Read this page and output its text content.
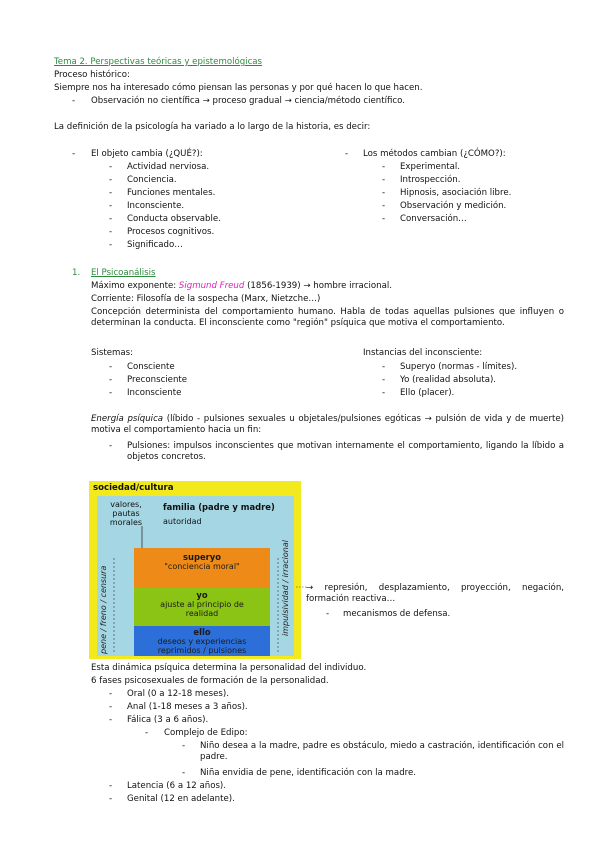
Tema 2. Perspectivas teóricas y epistemológicas
Proceso histórico:
Siempre nos ha interesado cómo piensan las personas y por qué hacen lo que hacen.
- Observación no científica → proceso gradual → ciencia/método científico.
La definición de la psicología ha variado a lo largo de la historia, es decir:
- El objeto cambia (¿QUÉ?):
- Actividad nerviosa.
- Conciencia.
- Funciones mentales.
- Inconsciente.
- Conducta observable.
- Procesos cognitivos.
- Significado…
- Los métodos cambian (¿CÓMO?):
- Experimental.
- Introspección.
- Hipnosis, asociación libre.
- Observación y medición.
- Conversación…
1. El Psicoanálisis
Máximo exponente: Sigmund Freud (1856-1939) → hombre irracional.
Corriente: Filosofía de la sospecha (Marx, Nietzche…)
Concepción determinista del comportamiento humano. Habla de todas aquellas pulsiones que influyen o determinan la conducta. El inconsciente como "región" psíquica que motiva el comportamiento.
Sistemas:
- Consciente
- Preconsciente
- Inconsciente
Instancias del inconsciente:
- Superyo (normas - límites).
- Yo (realidad absoluta).
- Ello (placer).
Energía psíquica (líbido - pulsiones sexuales u objetales/pulsiones egóticas → pulsión de vida y de muerte) motiva el comportamiento hacia un fin:
- Pulsiones: impulsos inconscientes que motivan internamente el comportamiento, ligando la líbido a objetos concretos.
sociedad/cultura
valores, pautas morales
familia (padre y madre)
autoridad
superyo
"conciencia moral"
yo
ajuste al principio de realidad
ello
deseos y experiencias reprimidos / pulsiones
pene / freno / censura	impulsividad / irracional → represión, desplazamiento, proyección, negación, formación reactiva…
- mecanismos de defensa.
Esta dinámica psíquica determina la personalidad del individuo.
6 fases psicosexuales de formación de la personalidad.
- Oral (0 a 12-18 meses).
- Anal (1-18 meses a 3 años).
- Fálica (3 a 6 años).
- Complejo de Edipo:
- Niño desea a la madre, padre es obstáculo, miedo a castración, identificación con el padre.
- Niña envidia de pene, identificación con la madre.
- Latencia (6 a 12 años).
- Genital (12 en adelante).
